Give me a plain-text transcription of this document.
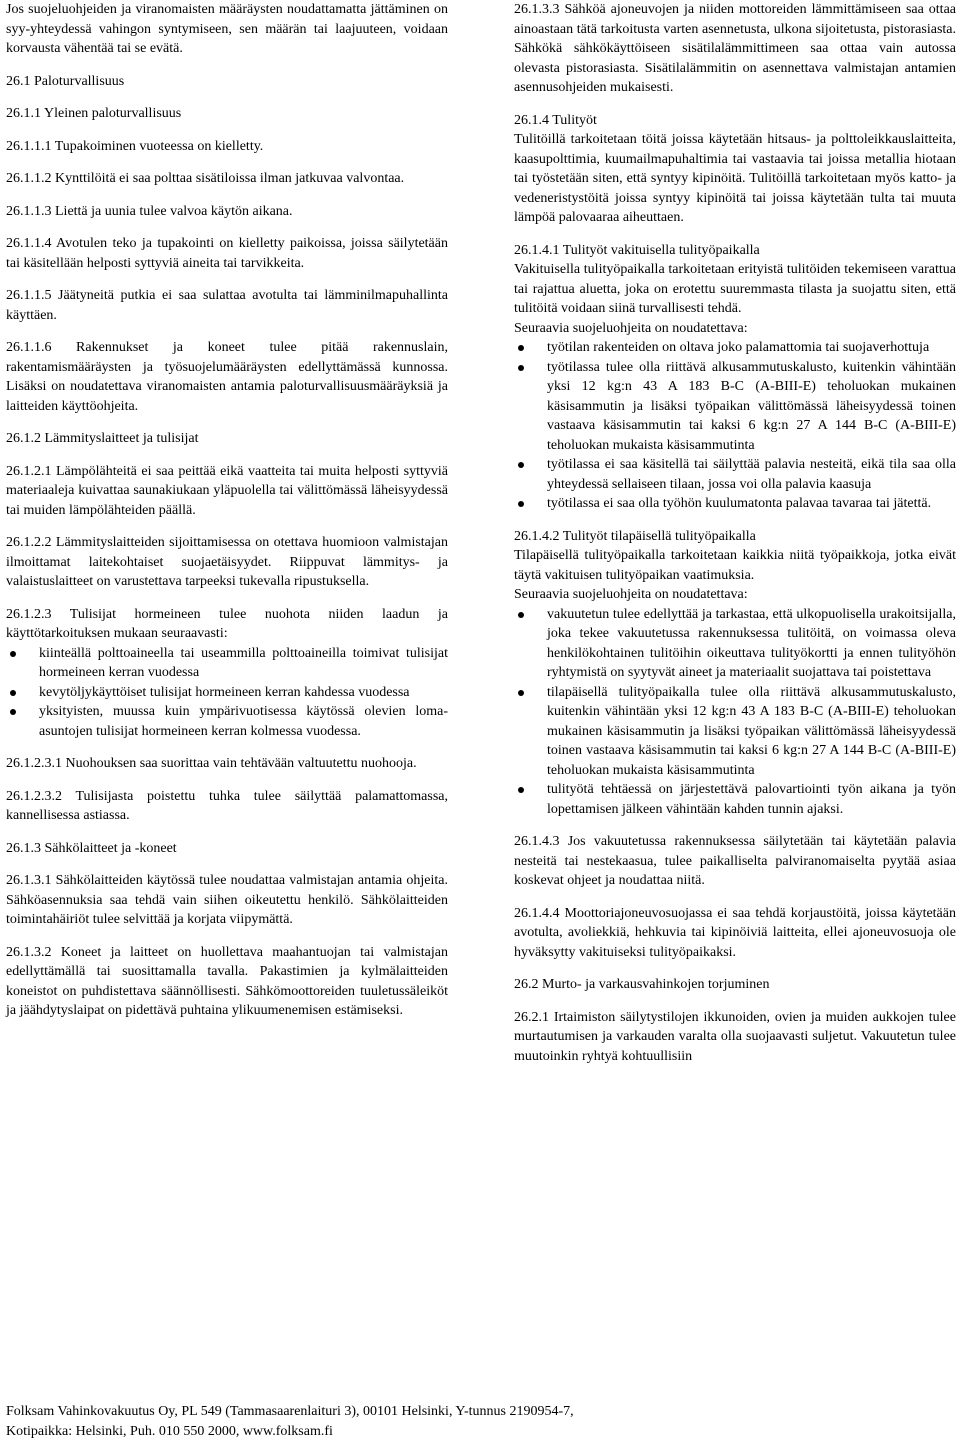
Jos suojeluohjeiden ja viranomaisten määräysten noudattamatta jättäminen on syy-yhteydessä vahingon syntymiseen, sen määrän tai laajuuteen, voidaan korvausta vähentää tai se evätä.

26.1 Paloturvallisuus

26.1.1 Yleinen paloturvallisuus

26.1.1.1 Tupakoiminen vuoteessa on kielletty.

26.1.1.2 Kynttilöitä ei saa polttaa sisätiloissa ilman jatkuvaa valvontaa.

26.1.1.3 Liettä ja uunia tulee valvoa käytön aikana.

26.1.1.4 Avotulen teko ja tupakointi on kielletty paikoissa, joissa säilytetään tai käsitellään helposti syttyviä aineita tai tarvikkeita.

26.1.1.5 Jäätyneitä putkia ei saa sulattaa avotulta tai lämminilmapuhallinta käyttäen.

26.1.1.6 Rakennukset ja koneet tulee pitää rakennuslain, rakentamismääräysten ja työsuojelumääräysten edellyttämässä kunnossa. Lisäksi on noudatettava viranomaisten antamia paloturvallisuusmääräyksiä ja laitteiden käyttöohjeita.

26.1.2 Lämmityslaitteet ja tulisijat

26.1.2.1 Lämpölähteitä ei saa peittää eikä vaatteita tai muita helposti syttyviä materiaaleja kuivattaa saunakiukaan yläpuolella tai välittömässä läheisyydessä tai muiden lämpölähteiden päällä.

26.1.2.2 Lämmityslaitteiden sijoittamisessa on otettava huomioon valmistajan ilmoittamat laitekohtaiset suojaetäisyydet. Riippuvat lämmitys- ja valaistuslaitteet on varustettava tarpeeksi tukevalla ripustuksella.

26.1.2.3 Tulisijat hormeineen tulee nuohota niiden laadun ja käyttötarkoituksen mukaan seuraavasti:

kiinteällä polttoaineella tai useammilla polttoaineilla toimivat tulisijat hormeineen kerran vuodessa
kevytöljykäyttöiset tulisijat hormeineen kerran kahdessa vuodessa
yksityisten, muussa kuin ympärivuotisessa käytössä olevien loma-asuntojen tulisijat hormeineen kerran kolmessa vuodessa.

26.1.2.3.1 Nuohouksen saa suorittaa vain tehtävään valtuutettu nuohooja.

26.1.2.3.2 Tulisijasta poistettu tuhka tulee säilyttää palamattomassa, kannellisessa astiassa.

26.1.3 Sähkölaitteet ja -koneet

26.1.3.1 Sähkölaitteiden käytössä tulee noudattaa valmistajan antamia ohjeita. Sähköasennuksia saa tehdä vain siihen oikeutettu henkilö. Sähkölaitteiden toimintahäiriöt tulee selvittää ja korjata viipymättä.

26.1.3.2 Koneet ja laitteet on huollettava maahantuojan tai valmistajan edellyttämällä tai suosittamalla tavalla. Pakastimien ja kylmälaitteiden koneistot on puhdistettava säännöllisesti. Sähkömoottoreiden tuuletussäleiköt ja jäähdytyslaipat on pidettävä puhtaina ylikuumenemisen estämiseksi.

26.1.3.3 Sähköä ajoneuvojen ja niiden mottoreiden lämmittämiseen saa ottaa ainoastaan tätä tarkoitusta varten asennetusta, ulkona sijoitetusta, pistorasiasta. Sähkökä sähkökäyttöiseen sisätilalämmittimeen saa ottaa vain autossa olevasta pistorasiasta. Sisätilalämmitin on asennettava valmistajan antamien asennusohjeiden mukaisesti.

26.1.4 Tulityöt

Tulitöillä tarkoitetaan töitä joissa käytetään hitsaus- ja polttoleikkauslaitteita, kaasupolttimia, kuumailmapuhaltimia tai vastaavia tai joissa metallia hiotaan tai työstetään siten, että syntyy kipinöitä. Tulitöillä tarkoitetaan myös katto- ja vedeneristystöitä joissa syntyy kipinöitä tai joissa käytetään tulta tai muuta lämpöä palovaaraa aiheuttaen.

26.1.4.1 Tulityöt vakituisella tulityöpaikalla

Vakituisella tulityöpaikalla tarkoitetaan erityistä tulitöiden tekemiseen varattua tai rajattua aluetta, joka on erotettu suuremmasta tilasta ja suojattu siten, että tulitöitä voidaan siinä turvallisesti tehdä.

Seuraavia suojeluohjeita on noudatettava:

työtilan rakenteiden on oltava joko palamattomia tai suojaverhottuja
työtilassa tulee olla riittävä alkusammutuskalusto, kuitenkin vähintään yksi 12 kg:n 43 A 183 B-C (A-BIII-E) teholuokan mukainen käsisammutin ja lisäksi työpaikan välittömässä läheisyydessä toinen vastaava käsisammutin tai kaksi 6 kg:n 27 A 144 B-C (A-BIII-E) teholuokan mukaista käsisammutinta
työtilassa ei saa käsitellä tai säilyttää palavia nesteitä, eikä tila saa olla yhteydessä sellaiseen tilaan, jossa voi olla palavia kaasuja
työtilassa ei saa olla työhön kuulumatonta palavaa tavaraa tai jätettä.

26.1.4.2 Tulityöt tilapäisellä tulityöpaikalla

Tilapäisellä tulityöpaikalla tarkoitetaan kaikkia niitä työpaikkoja, jotka eivät täytä vakituisen tulityöpaikan vaatimuksia.

Seuraavia suojeluohjeita on noudatettava:

vakuutetun tulee edellyttää ja tarkastaa, että ulkopuolisella urakoitsijalla, joka tekee vakuutetussa rakennuksessa tulitöitä, on voimassa oleva henkilökohtainen tulitöihin oikeuttava tulityökortti ja ennen tulityöhön ryhtymistä on syytyvät aineet ja materiaalit suojattava tai poistettava
tilapäisellä tulityöpaikalla tulee olla riittävä alkusammutuskalusto, kuitenkin vähintään yksi 12 kg:n 43 A 183 B-C (A-BIII-E) teholuokan mukainen käsisammutin ja lisäksi työpaikan välittömässä läheisyydessä toinen vastaava käsisammutin tai kaksi 6 kg:n 27 A 144 B-C (A-BIII-E) teholuokan mukaista käsisammutinta
tulityötä tehtäessä on järjestettävä palovartiointi työn aikana ja työn lopettamisen jälkeen vähintään kahden tunnin ajaksi.

26.1.4.3 Jos vakuutetussa rakennuksessa säilytetään tai käytetään palavia nesteitä tai nestekaasua, tulee paikalliselta palviranomaiselta pyytää asiaa koskevat ohjeet ja noudattaa niitä.

26.1.4.4 Moottoriajoneuvosuojassa ei saa tehdä korjaustöitä, joissa käytetään avotulta, avoliekkiä, hehkuvia tai kipinöiviä laitteita, ellei ajoneuvosuoja ole hyväksytty vakituiseksi tulityöpaikaksi.

26.2 Murto- ja varkausvahinkojen torjuminen

26.2.1 Irtaimiston säilytystilojen ikkunoiden, ovien ja muiden aukkojen tulee murtautumisen ja varkauden varalta olla suojaavasti suljetut. Vakuutetun tulee muutoinkin ryhtyä kohtuullisiin

Folksam Vahinkovakuutus Oy, PL 549 (Tammasaarenlaituri 3), 00101 Helsinki, Y-tunnus 2190954-7,
Kotipaikka: Helsinki, Puh. 010 550 2000, www.folksam.fi
